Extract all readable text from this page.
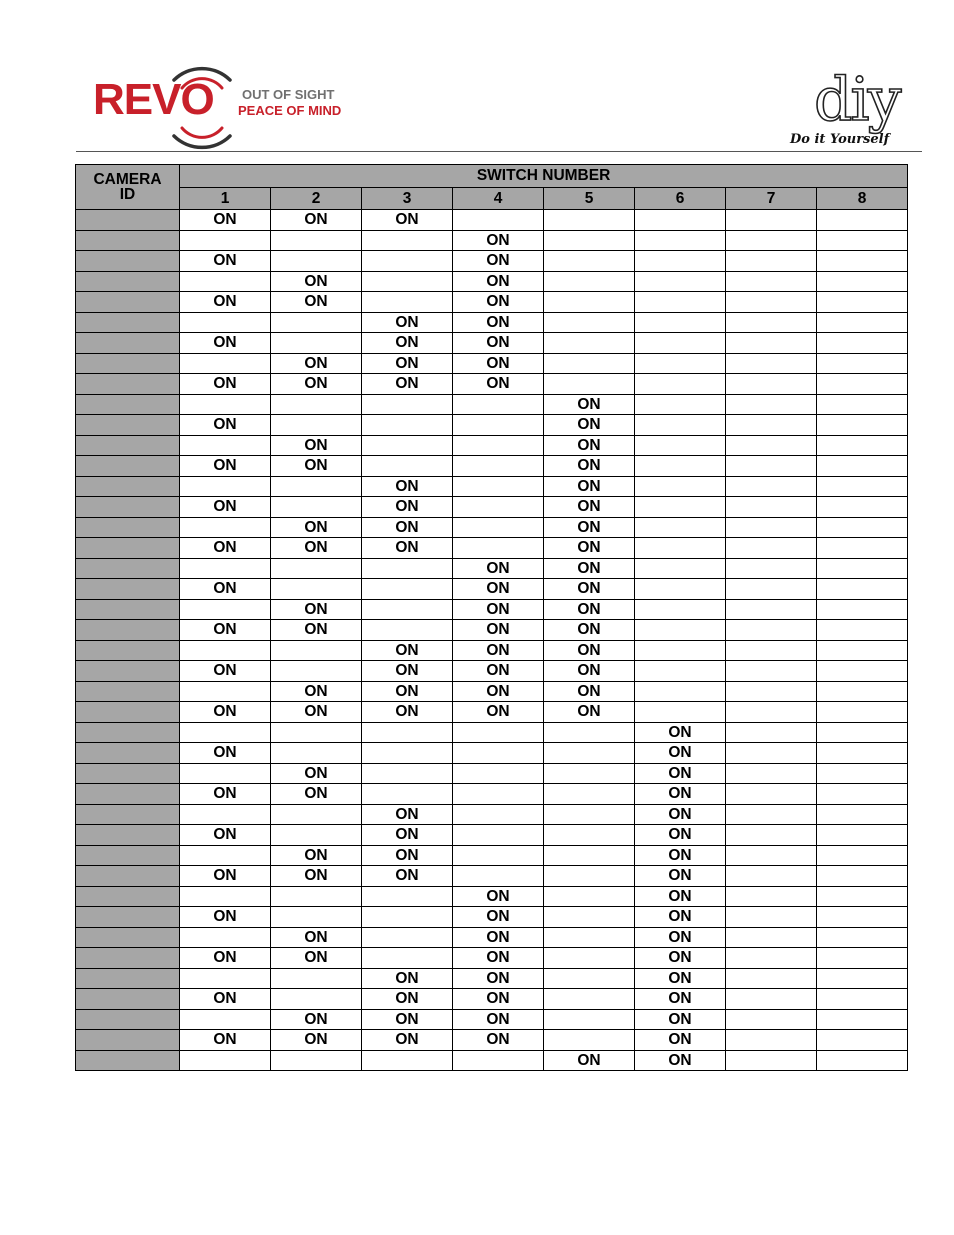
REVO OUT OF SIGHT
PEACE OF MIND	diy
Do it Yourself
CAMERA
ID	SWITCH NUMBER							
	1	2	3	4	5	6	7	8
	ON	ON	ON					
				ON				
	ON			ON				
		ON		ON				
	ON	ON		ON				
			ON	ON				
	ON		ON	ON				
		ON	ON	ON				
	ON	ON	ON	ON				
					ON			
	ON				ON			
		ON			ON			
	ON	ON			ON			
			ON		ON			
	ON		ON		ON			
		ON	ON		ON			
	ON	ON	ON		ON			
				ON	ON			
	ON			ON	ON			
		ON		ON	ON			
	ON	ON		ON	ON			
			ON	ON	ON			
	ON		ON	ON	ON			
		ON	ON	ON	ON			
	ON	ON	ON	ON	ON			
						ON		
	ON					ON		
		ON				ON		
	ON	ON				ON		
			ON			ON		
	ON		ON			ON		
		ON	ON			ON		
	ON	ON	ON			ON		
				ON		ON		
	ON			ON		ON		
		ON		ON		ON		
	ON	ON		ON		ON		
			ON	ON		ON		
	ON		ON	ON		ON		
		ON	ON	ON		ON		
	ON	ON	ON	ON		ON		
					ON	ON		
